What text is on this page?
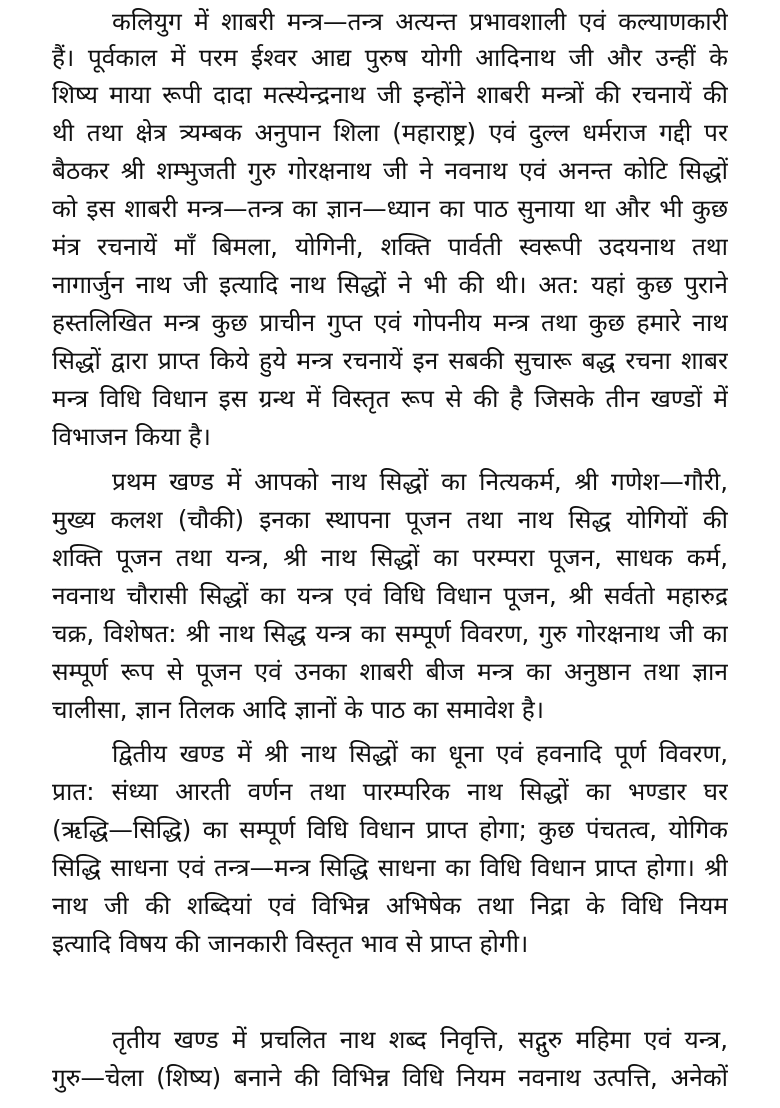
कलियुग में शाबरी मन्त्र—तन्त्र अत्यन्त प्रभावशाली एवं कल्याणकारी
हैं। पूर्वकाल में परम ईश्वर आद्य पुरुष योगी आदिनाथ जी और उन्हीं के
शिष्य माया रूपी दादा मत्स्येन्द्रनाथ जी इन्होंने शाबरी मन्त्रों की रचनायें की
थी तथा क्षेत्र त्र्यम्बक अनुपान शिला (महाराष्ट्र) एवं दुल्ल धर्मराज गद्दी पर
बैठकर श्री शम्भुजती गुरु गोरक्षनाथ जी ने नवनाथ एवं अनन्त कोटि सिद्धों
को इस शाबरी मन्त्र—तन्त्र का ज्ञान—ध्यान का पाठ सुनाया था और भी कुछ
मंत्र रचनायें माँ बिमला, योगिनी, शक्ति पार्वती स्वरूपी उदयनाथ तथा
नागार्जुन नाथ जी इत्यादि नाथ सिद्धों ने भी की थी। अत: यहां कुछ पुराने
हस्तलिखित मन्त्र कुछ प्राचीन गुप्त एवं गोपनीय मन्त्र तथा कुछ हमारे नाथ
सिद्धों द्वारा प्राप्त किये हुये मन्त्र रचनायें इन सबकी सुचारू बद्ध रचना शाबर
मन्त्र विधि विधान इस ग्रन्थ में विस्तृत रूप से की है जिसके तीन खण्डों में
विभाजन किया है।
प्रथम खण्ड में आपको नाथ सिद्धों का नित्यकर्म, श्री गणेश—गौरी,
मुख्य कलश (चौकी) इनका स्थापना पूजन तथा नाथ सिद्ध योगियों की
शक्ति पूजन तथा यन्त्र, श्री नाथ सिद्धों का परम्परा पूजन, साधक कर्म,
नवनाथ चौरासी सिद्धों का यन्त्र एवं विधि विधान पूजन, श्री सर्वतो महारुद्र
चक्र, विशेषत: श्री नाथ सिद्ध यन्त्र का सम्पूर्ण विवरण, गुरु गोरक्षनाथ जी का
सम्पूर्ण रूप से पूजन एवं उनका शाबरी बीज मन्त्र का अनुष्ठान तथा ज्ञान
चालीसा, ज्ञान तिलक आदि ज्ञानों के पाठ का समावेश है।
द्वितीय खण्ड में श्री नाथ सिद्धों का धूना एवं हवनादि पूर्ण विवरण,
प्रात: संध्या आरती वर्णन तथा पारम्परिक नाथ सिद्धों का भण्डार घर
(ऋद्धि—सिद्धि) का सम्पूर्ण विधि विधान प्राप्त होगा; कुछ पंचतत्व, योगिक
सिद्धि साधना एवं तन्त्र—मन्त्र सिद्धि साधना का विधि विधान प्राप्त होगा। श्री
नाथ जी की शब्दियां एवं विभिन्न अभिषेक तथा निद्रा के विधि नियम
इत्यादि विषय की जानकारी विस्तृत भाव से प्राप्त होगी।
तृतीय खण्ड में प्रचलित नाथ शब्द निवृत्ति, सद्गुरु महिमा एवं यन्त्र,
गुरु—चेला (शिष्य) बनाने की विभिन्न विधि नियम नवनाथ उत्पत्ति, अनेकों
